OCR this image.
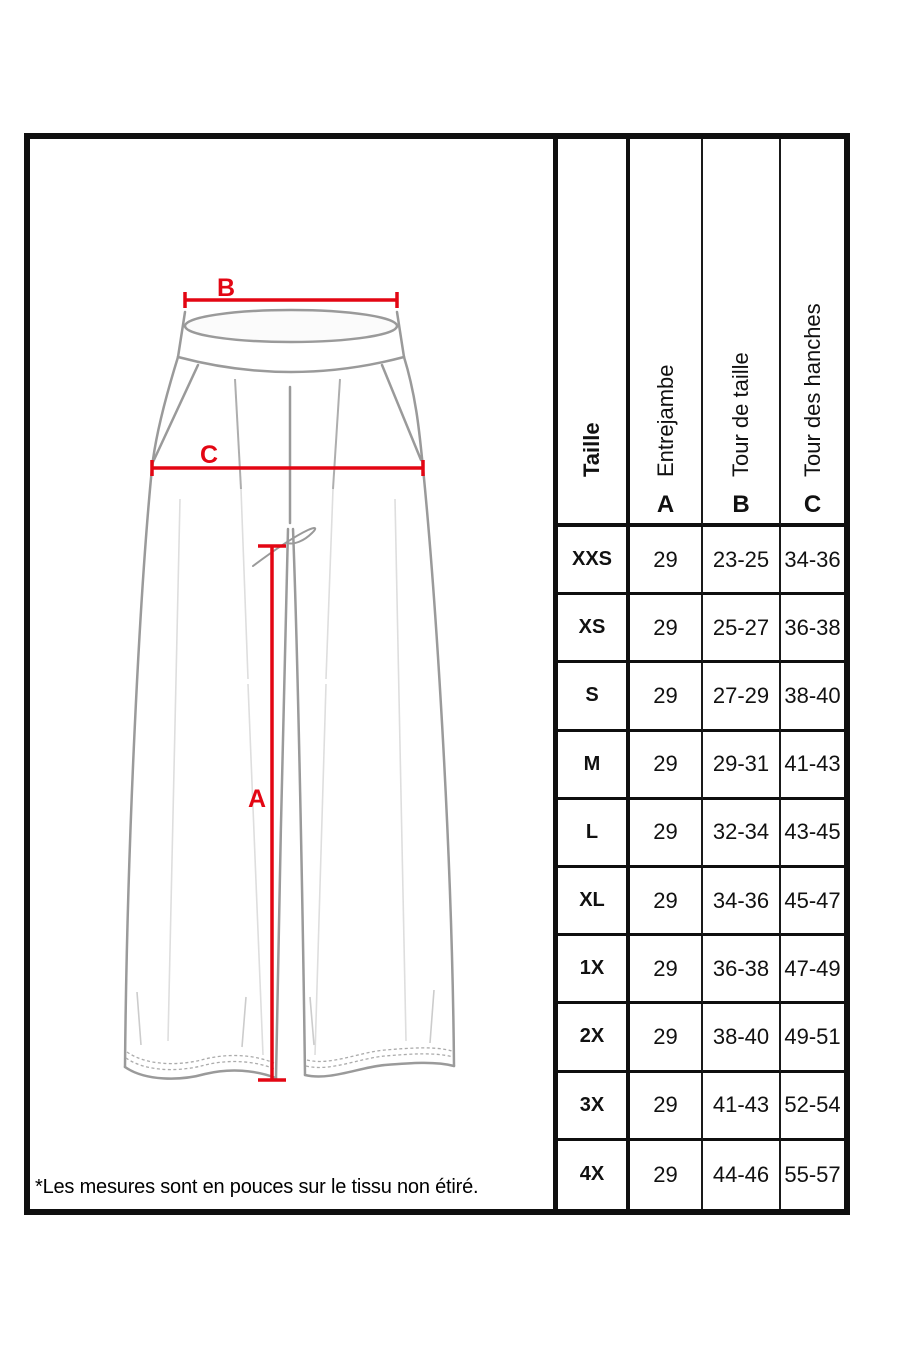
B
C
A
*Les mesures sont en pouces sur le tissu non étiré.
Taille Entrejambe
A
Tour de taille
B
Tour des hanches
C
XXS	29	23-25 34-36
XS	29	25-27 36-38
S	29	27-29 38-40
M	29	29-31 41-43
L	29	32-34 43-45
XL	29	34-36 45-47
1X	29	36-38 47-49
2X	29	38-40 49-51
3X	29	41-43 52-54
4X	29	44-46 55-57
